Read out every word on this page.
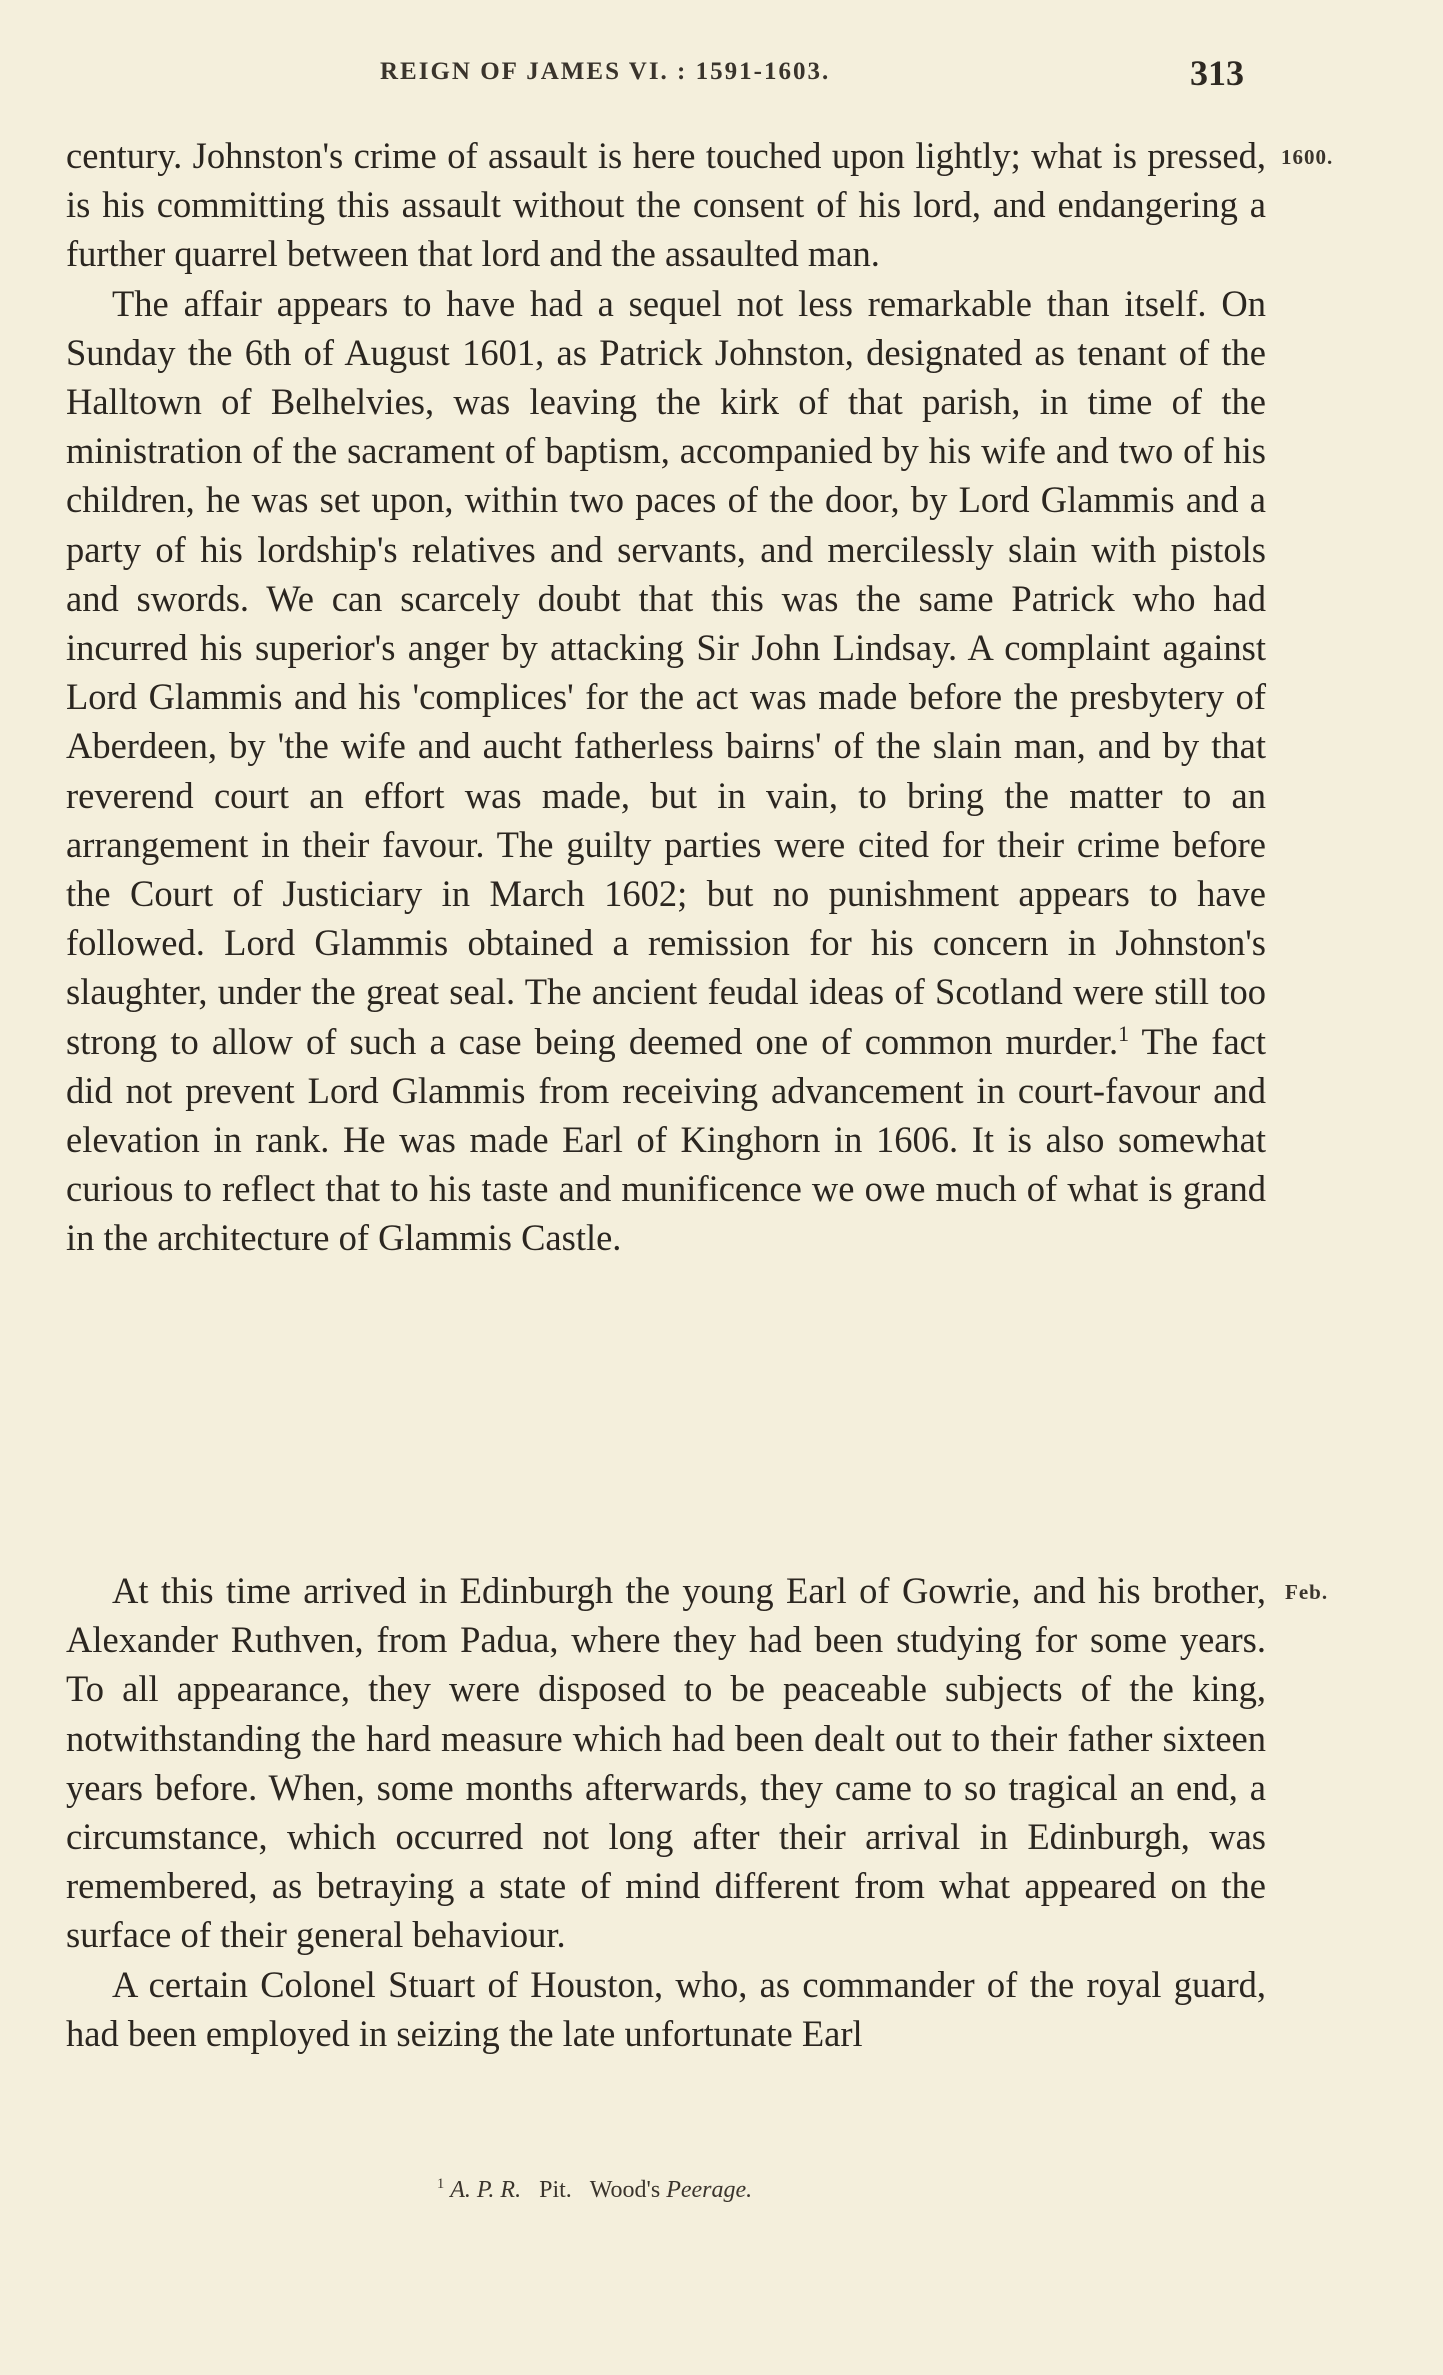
REIGN OF JAMES VI. : 1591-1603.	313
1600.
Feb.

century. Johnston's crime of assault is here touched upon lightly; what is pressed, is his committing this assault without the consent of his lord, and endangering a further quarrel between that lord and the assaulted man.

The affair appears to have had a sequel not less remarkable than itself. On Sunday the 6th of August 1601, as Patrick Johnston, designated as tenant of the Halltown of Belhelvies, was leaving the kirk of that parish, in time of the ministration of the sacrament of baptism, accompanied by his wife and two of his children, he was set upon, within two paces of the door, by Lord Glammis and a party of his lordship's relatives and servants, and mercilessly slain with pistols and swords. We can scarcely doubt that this was the same Patrick who had incurred his superior's anger by attacking Sir John Lindsay. A complaint against Lord Glammis and his 'complices' for the act was made before the presbytery of Aberdeen, by 'the wife and aucht fatherless bairns' of the slain man, and by that reverend court an effort was made, but in vain, to bring the matter to an arrangement in their favour. The guilty parties were cited for their crime before the Court of Justiciary in March 1602; but no punishment appears to have followed. Lord Glammis obtained a remission for his concern in Johnston's slaughter, under the great seal. The ancient feudal ideas of Scotland were still too strong to allow of such a case being deemed one of common murder.$^1$ The fact did not prevent Lord Glammis from receiving advancement in court-favour and elevation in rank. He was made Earl of Kinghorn in 1606. It is also somewhat curious to reflect that to his taste and munificence we owe much of what is grand in the architecture of Glammis Castle.

At this time arrived in Edinburgh the young Earl of Gowrie, and his brother, Alexander Ruthven, from Padua, where they had been studying for some years. To all appearance, they were disposed to be peaceable subjects of the king, notwithstanding the hard measure which had been dealt out to their father sixteen years before. When, some months afterwards, they came to so tragical an end, a circumstance, which occurred not long after their arrival in Edinburgh, was remembered, as betraying a state of mind different from what appeared on the surface of their general behaviour.

A certain Colonel Stuart of Houston, who, as commander of the royal guard, had been employed in seizing the late unfortunate Earl

$^1$ A. P. R. Pit. Wood's Peerage.
